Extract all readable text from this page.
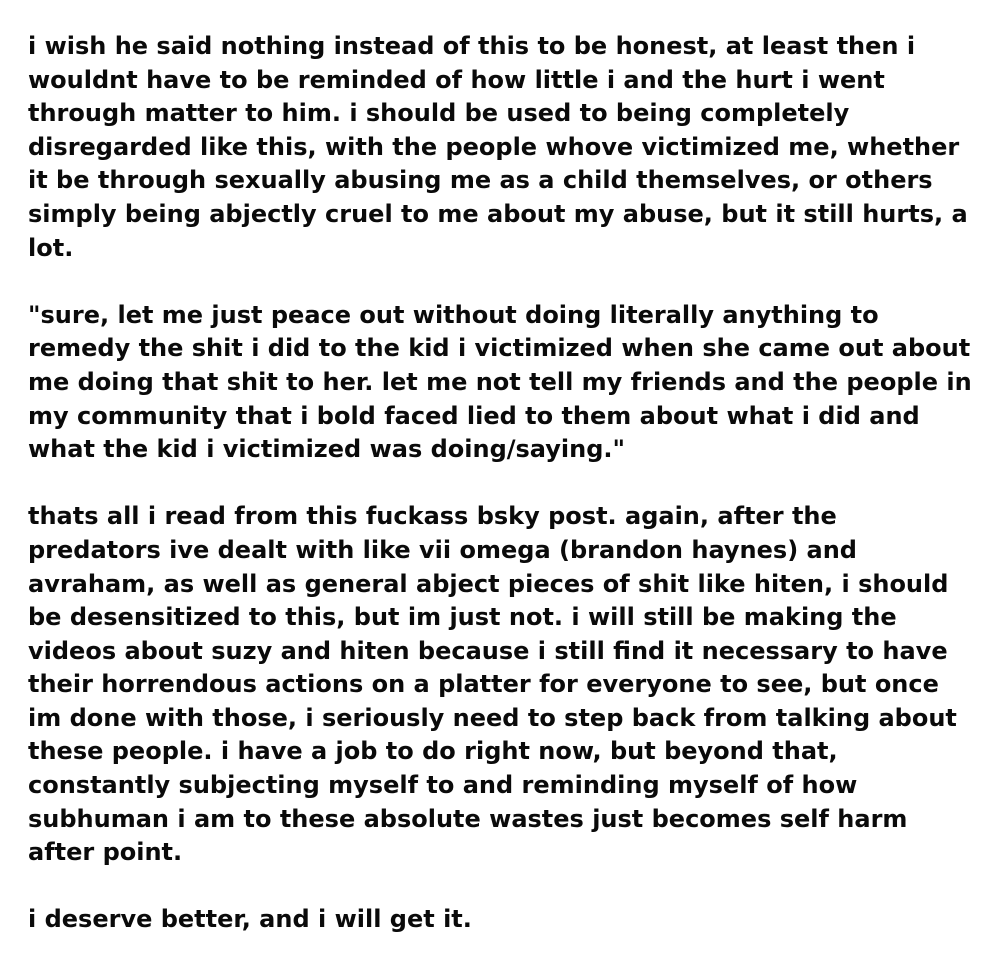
i wish he said nothing instead of this to be honest, at least then i
wouldnt have to be reminded of how little i and the hurt i went
through matter to him. i should be used to being completely
disregarded like this, with the people whove victimized me, whether
it be through sexually abusing me as a child themselves, or others
simply being abjectly cruel to me about my abuse, but it still hurts, a
lot.

"sure, let me just peace out without doing literally anything to
remedy the shit i did to the kid i victimized when she came out about
me doing that shit to her. let me not tell my friends and the people in
my community that i bold faced lied to them about what i did and
what the kid i victimized was doing/saying."

thats all i read from this fuckass bsky post. again, after the
predators ive dealt with like vii omega (brandon haynes) and
avraham, as well as general abject pieces of shit like hiten, i should
be desensitized to this, but im just not. i will still be making the
videos about suzy and hiten because i still find it necessary to have
their horrendous actions on a platter for everyone to see, but once
im done with those, i seriously need to step back from talking about
these people. i have a job to do right now, but beyond that,
constantly subjecting myself to and reminding myself of how
subhuman i am to these absolute wastes just becomes self harm
after point.

i deserve better, and i will get it.
